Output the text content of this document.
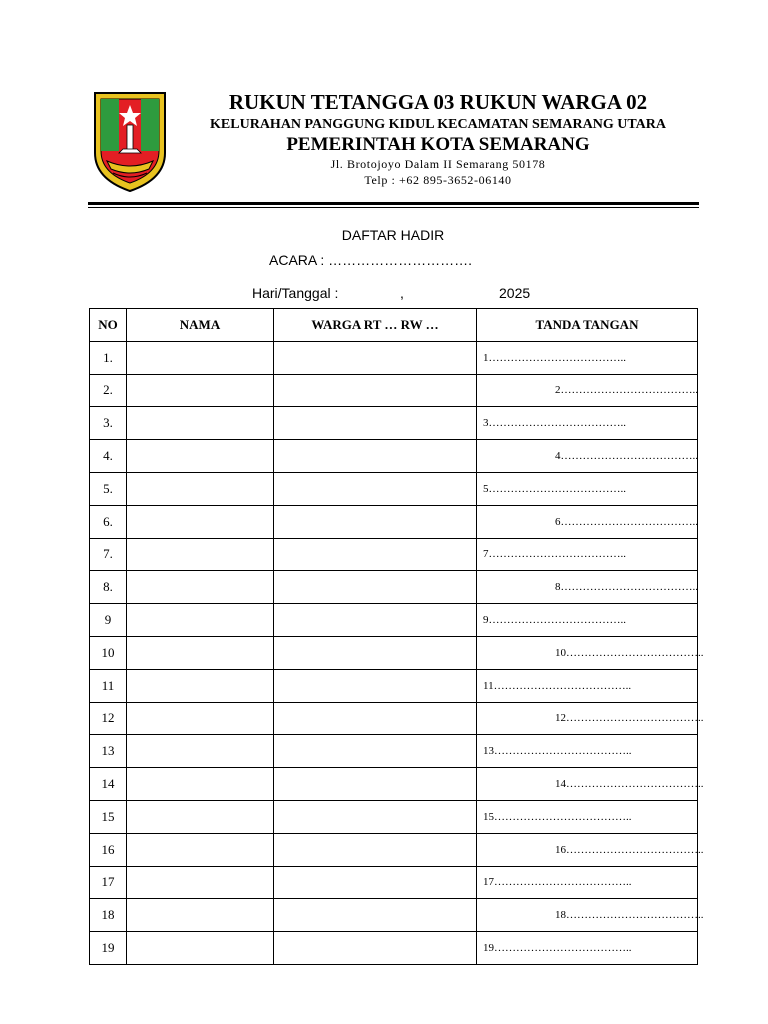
RUKUN TETANGGA 03 RUKUN WARGA 02
KELURAHAN PANGGUNG KIDUL KECAMATAN SEMARANG UTARA
PEMERINTAH KOTA SEMARANG
Jl. Brotojoyo Dalam II Semarang 50178
Telp : +62 895-3652-06140
DAFTAR HADIR
ACARA : ………………………….
Hari/Tanggal :	,	2025
NO	NAMA	WARGA RT … RW …	TANDA TANGAN
1.			1………………………………..

2.			2………………………………..

3.			3………………………………..

4.			4………………………………..

5.			5………………………………..

6.			6………………………………..

7.			7………………………………..

8.			8………………………………..

9			9………………………………..

10			10………………………………..

11			11………………………………..

12			12………………………………..

13			13………………………………..

14			14………………………………..

15			15………………………………..

16			16………………………………..

17			17………………………………..

18			18………………………………..

19			19………………………………..
